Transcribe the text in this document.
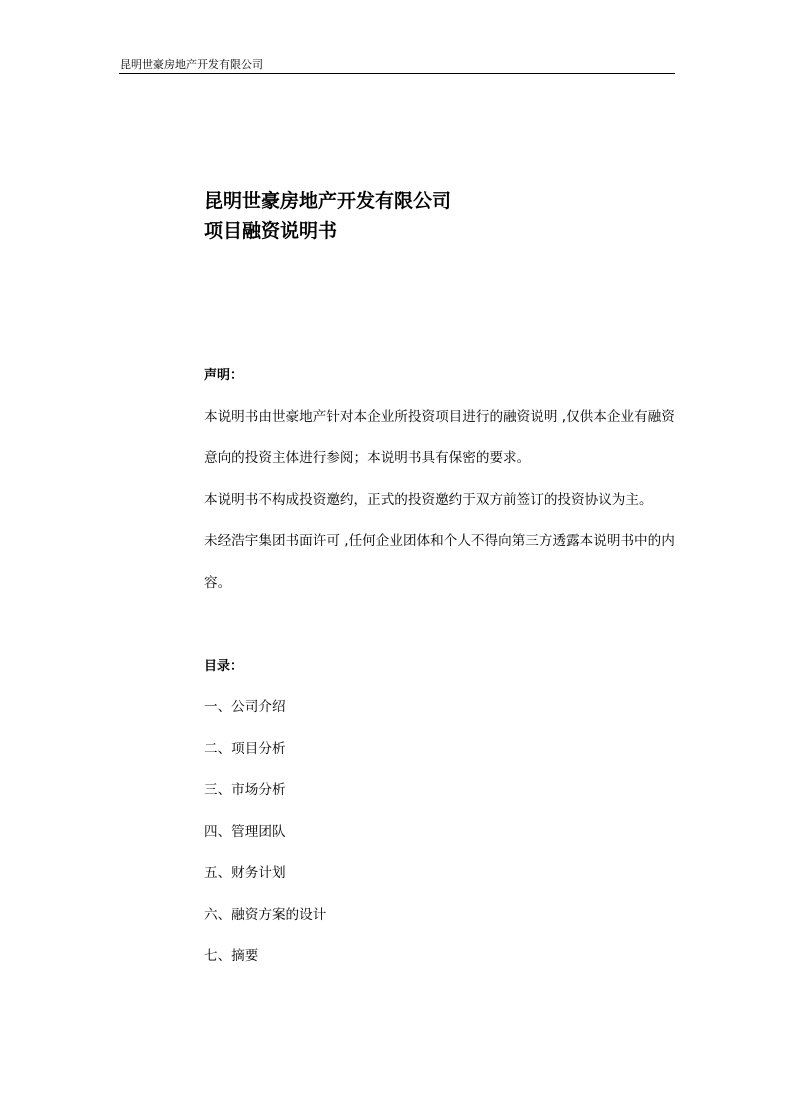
昆明世豪房地产开发有限公司
昆明世豪房地产开发有限公司
项目融资说明书
声明：
本说明书由世豪地产针对本企业所投资项目进行的融资说明 ,仅供本企业有融资意向的投资主体进行参阅；本说明书具有保密的要求。
本说明书不构成投资邀约，正式的投资邀约于双方前签订的投资协议为主。
未经浩宇集团书面许可 ,任何企业团体和个人不得向第三方透露本说明书中的内容。
目录：
一、公司介绍
二、项目分析
三、市场分析
四、管理团队
五、财务计划
六、融资方案的设计
七、摘要
